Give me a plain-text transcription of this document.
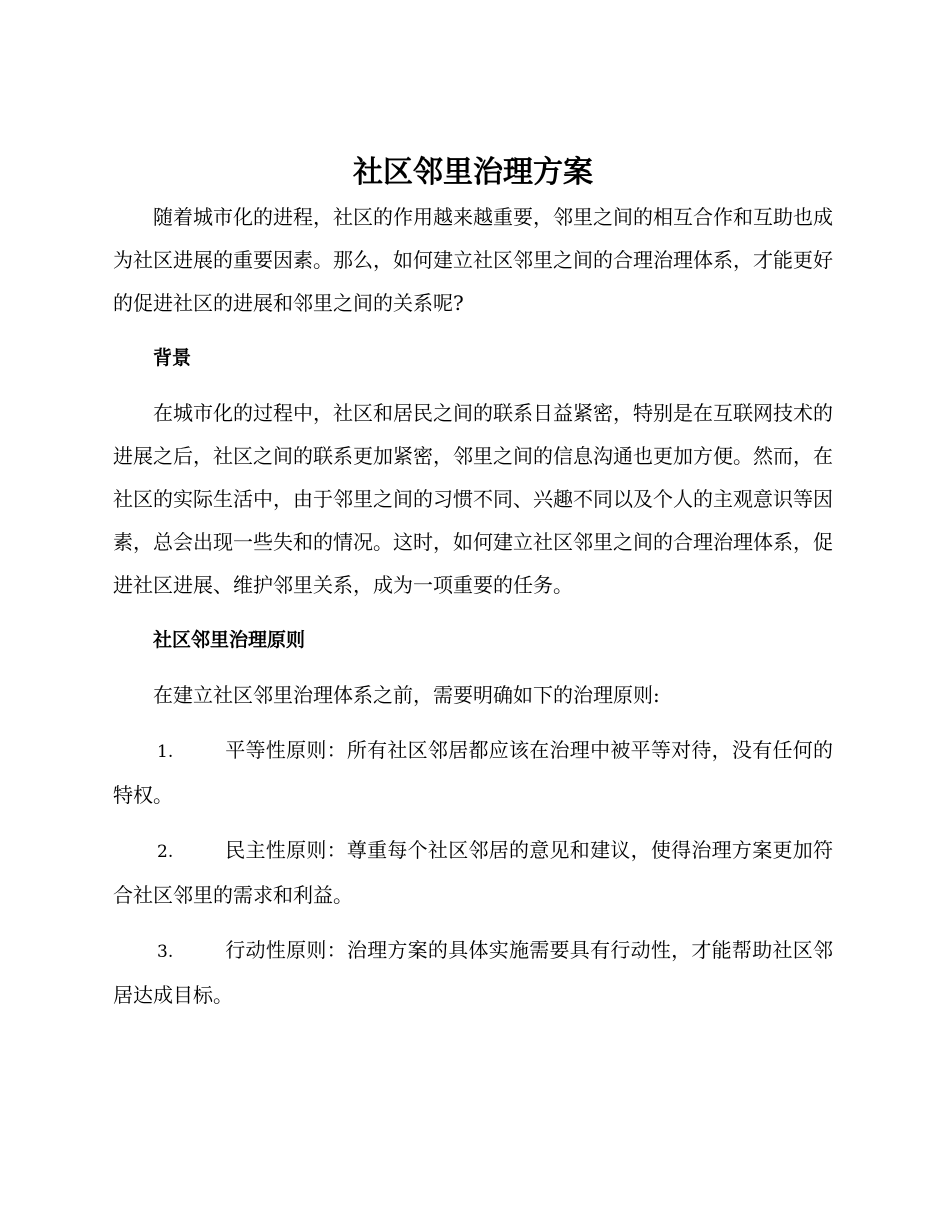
社区邻里治理方案

随着城市化的进程，社区的作用越来越重要，邻里之间的相互合作和互助也成为社区进展的重要因素。那么，如何建立社区邻里之间的合理治理体系，才能更好的促进社区的进展和邻里之间的关系呢?

背景

在城市化的过程中，社区和居民之间的联系日益紧密，特别是在互联网技术的进展之后，社区之间的联系更加紧密，邻里之间的信息沟通也更加方便。然而，在社区的实际生活中，由于邻里之间的习惯不同、兴趣不同以及个人的主观意识等因素，总会出现一些失和的情况。这时，如何建立社区邻里之间的合理治理体系，促进社区进展、维护邻里关系，成为一项重要的任务。

社区邻里治理原则

在建立社区邻里治理体系之前，需要明确如下的治理原则:

1.	平等性原则：所有社区邻居都应该在治理中被平等对待，没有任何的特权。

2.	民主性原则：尊重每个社区邻居的意见和建议，使得治理方案更加符合社区邻里的需求和利益。

3.	行动性原则：治理方案的具体实施需要具有行动性，才能帮助社区邻居达成目标。
